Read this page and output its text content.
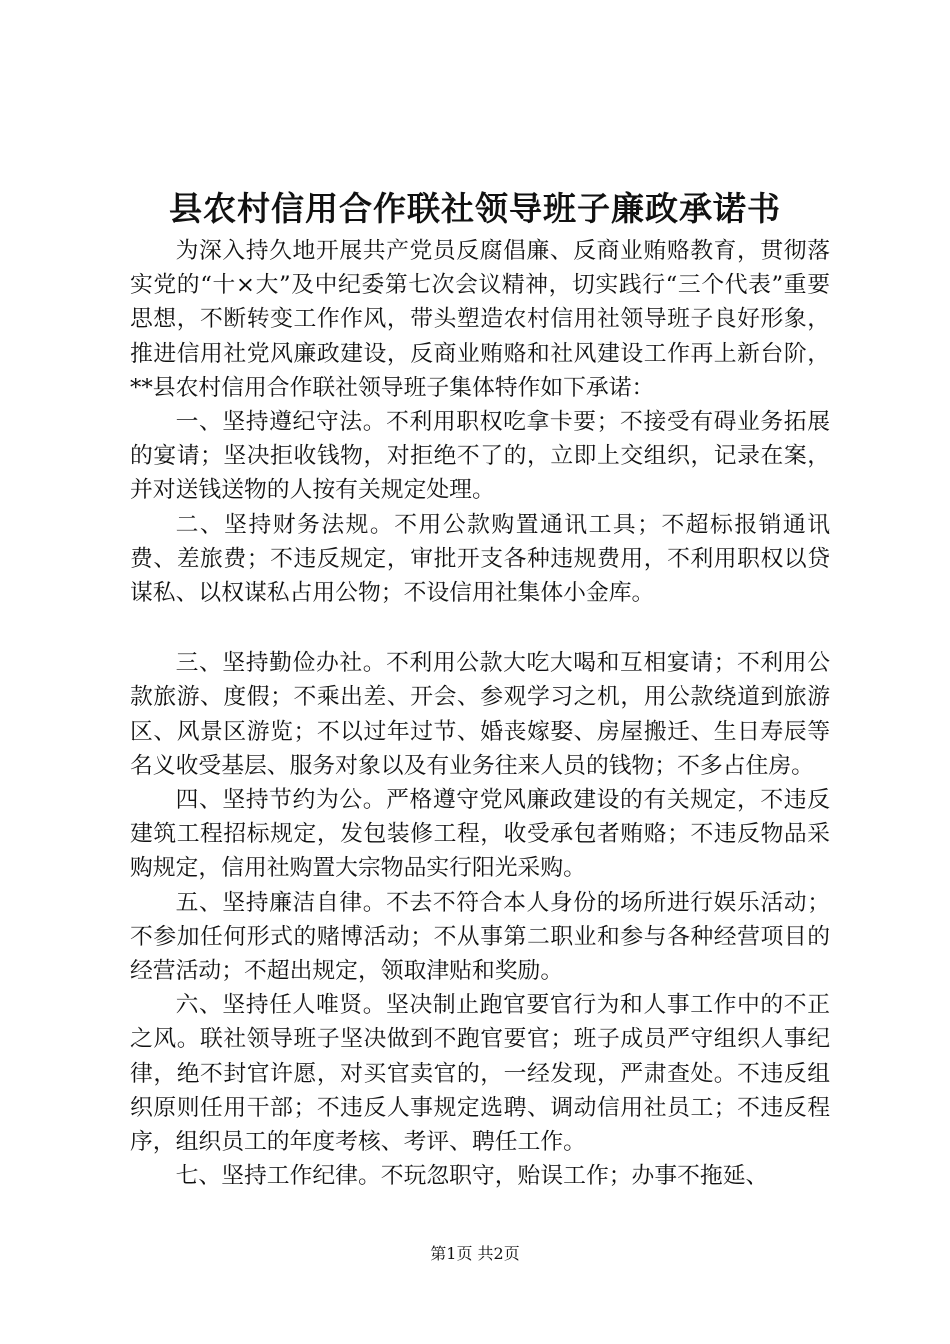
县农村信用合作联社领导班子廉政承诺书

为深入持久地开展共产党员反腐倡廉、反商业贿赂教育，贯彻落实党的“十×大”及中纪委第七次会议精神，切实践行“三个代表”重要思想，不断转变工作作风，带头塑造农村信用社领导班子良好形象，推进信用社党风廉政建设，反商业贿赂和社风建设工作再上新台阶，**县农村信用合作联社领导班子集体特作如下承诺：

一、坚持遵纪守法。不利用职权吃拿卡要；不接受有碍业务拓展的宴请；坚决拒收钱物，对拒绝不了的，立即上交组织，记录在案，并对送钱送物的人按有关规定处理。

二、坚持财务法规。不用公款购置通讯工具；不超标报销通讯费、差旅费；不违反规定，审批开支各种违规费用，不利用职权以贷谋私、以权谋私占用公物；不设信用社集体小金库。

三、坚持勤俭办社。不利用公款大吃大喝和互相宴请；不利用公款旅游、度假；不乘出差、开会、参观学习之机，用公款绕道到旅游区、风景区游览；不以过年过节、婚丧嫁娶、房屋搬迁、生日寿辰等名义收受基层、服务对象以及有业务往来人员的钱物；不多占住房。

四、坚持节约为公。严格遵守党风廉政建设的有关规定，不违反建筑工程招标规定，发包装修工程，收受承包者贿赂；不违反物品采购规定，信用社购置大宗物品实行阳光采购。

五、坚持廉洁自律。不去不符合本人身份的场所进行娱乐活动；不参加任何形式的赌博活动；不从事第二职业和参与各种经营项目的经营活动；不超出规定，领取津贴和奖励。

六、坚持任人唯贤。坚决制止跑官要官行为和人事工作中的不正之风。联社领导班子坚决做到不跑官要官；班子成员严守组织人事纪律，绝不封官许愿，对买官卖官的，一经发现，严肃查处。不违反组织原则任用干部；不违反人事规定选聘、调动信用社员工；不违反程序，组织员工的年度考核、考评、聘任工作。

七、坚持工作纪律。不玩忽职守，贻误工作；办事不拖延、

第1页 共2页
